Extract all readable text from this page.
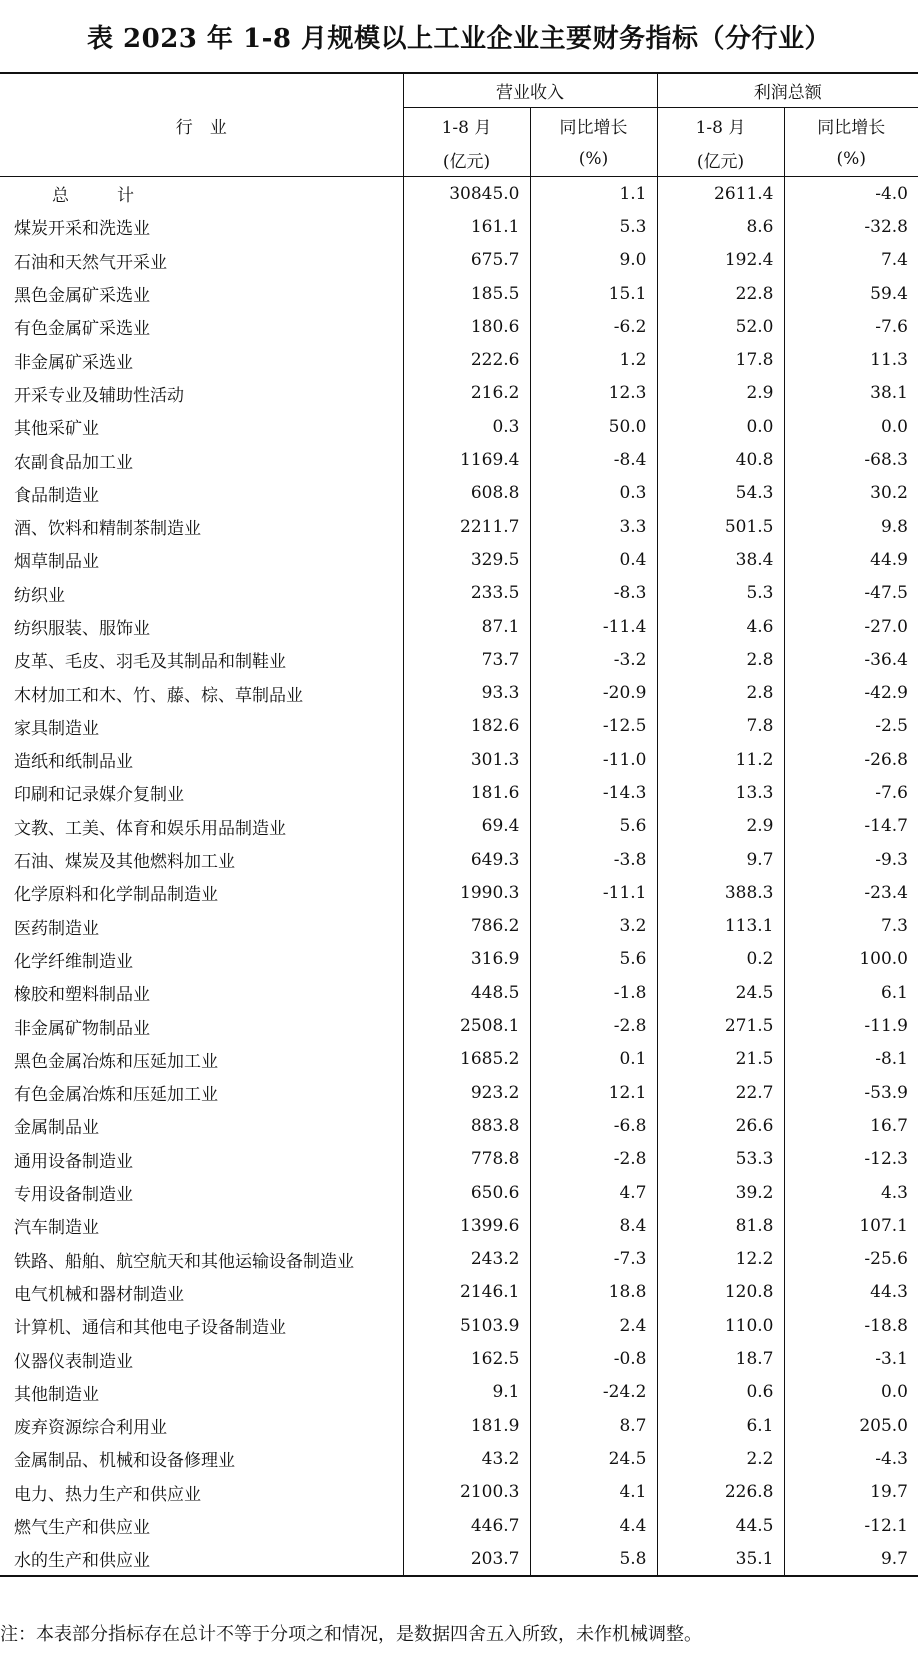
表 2023 年 1-8 月规模以上工业企业主要财务指标（分行业）
行　业	营业收入		利润总额	
	1-8 月	同比增长	1-8 月	同比增长
	(亿元)	(%)	(亿元)	(%)
总 计	30845.0	1.1	2611.4	-4.0
煤炭开采和洗选业	161.1	5.3	8.6	-32.8
石油和天然气开采业	675.7	9.0	192.4	7.4
黑色金属矿采选业	185.5	15.1	22.8	59.4
有色金属矿采选业	180.6	-6.2	52.0	-7.6
非金属矿采选业	222.6	1.2	17.8	11.3
开采专业及辅助性活动	216.2	12.3	2.9	38.1
其他采矿业	0.3	50.0	0.0	0.0
农副食品加工业	1169.4	-8.4	40.8	-68.3
食品制造业	608.8	0.3	54.3	30.2
酒、饮料和精制茶制造业	2211.7	3.3	501.5	9.8
烟草制品业	329.5	0.4	38.4	44.9
纺织业	233.5	-8.3	5.3	-47.5
纺织服装、服饰业	87.1	-11.4	4.6	-27.0
皮革、毛皮、羽毛及其制品和制鞋业	73.7	-3.2	2.8	-36.4
木材加工和木、竹、藤、棕、草制品业	93.3	-20.9	2.8	-42.9
家具制造业	182.6	-12.5	7.8	-2.5
造纸和纸制品业	301.3	-11.0	11.2	-26.8
印刷和记录媒介复制业	181.6	-14.3	13.3	-7.6
文教、工美、体育和娱乐用品制造业	69.4	5.6	2.9	-14.7
石油、煤炭及其他燃料加工业	649.3	-3.8	9.7	-9.3
化学原料和化学制品制造业	1990.3	-11.1	388.3	-23.4
医药制造业	786.2	3.2	113.1	7.3
化学纤维制造业	316.9	5.6	0.2	100.0
橡胶和塑料制品业	448.5	-1.8	24.5	6.1
非金属矿物制品业	2508.1	-2.8	271.5	-11.9
黑色金属冶炼和压延加工业	1685.2	0.1	21.5	-8.1
有色金属冶炼和压延加工业	923.2	12.1	22.7	-53.9
金属制品业	883.8	-6.8	26.6	16.7
通用设备制造业	778.8	-2.8	53.3	-12.3
专用设备制造业	650.6	4.7	39.2	4.3
汽车制造业	1399.6	8.4	81.8	107.1
铁路、船舶、航空航天和其他运输设备制造业	243.2	-7.3	12.2	-25.6
电气机械和器材制造业	2146.1	18.8	120.8	44.3
计算机、通信和其他电子设备制造业	5103.9	2.4	110.0	-18.8
仪器仪表制造业	162.5	-0.8	18.7	-3.1
其他制造业	9.1	-24.2	0.6	0.0
废弃资源综合利用业	181.9	8.7	6.1	205.0
金属制品、机械和设备修理业	43.2	24.5	2.2	-4.3
电力、热力生产和供应业	2100.3	4.1	226.8	19.7
燃气生产和供应业	446.7	4.4	44.5	-12.1
水的生产和供应业	203.7	5.8	35.1	9.7
注：本表部分指标存在总计不等于分项之和情况，是数据四舍五入所致，未作机械调整。
